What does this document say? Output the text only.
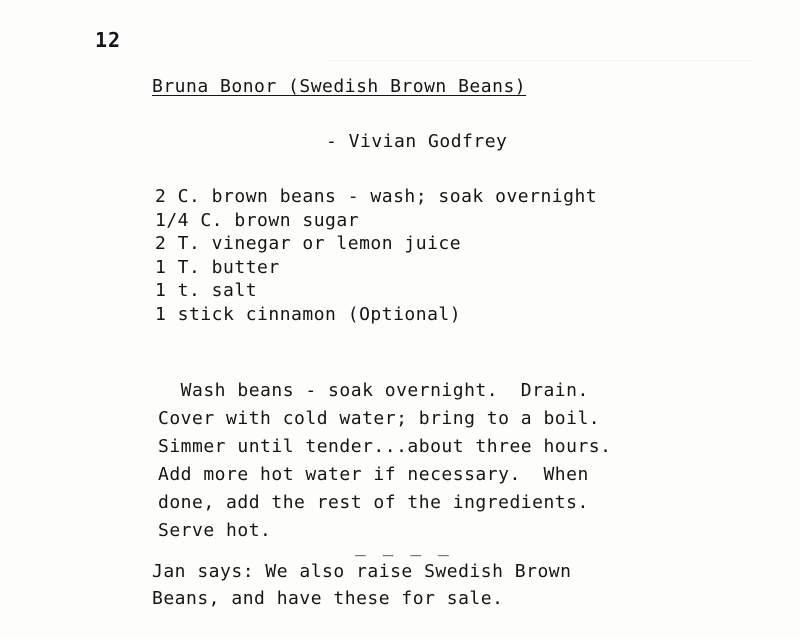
12
Bruna Bonor (Swedish Brown Beans)
- Vivian Godfrey
2 C. brown beans - wash; soak overnight
1/4 C. brown sugar
2 T. vinegar or lemon juice
1 T. butter
1 t. salt
1 stick cinnamon (Optional)
Wash beans - soak overnight.  Drain.
Cover with cold water; bring to a boil.
Simmer until tender...about three hours.
Add more hot water if necessary.  When
done, add the rest of the ingredients.
Serve hot.
_ _ _ _
Jan says: We also raise Swedish Brown
Beans, and have these for sale.
